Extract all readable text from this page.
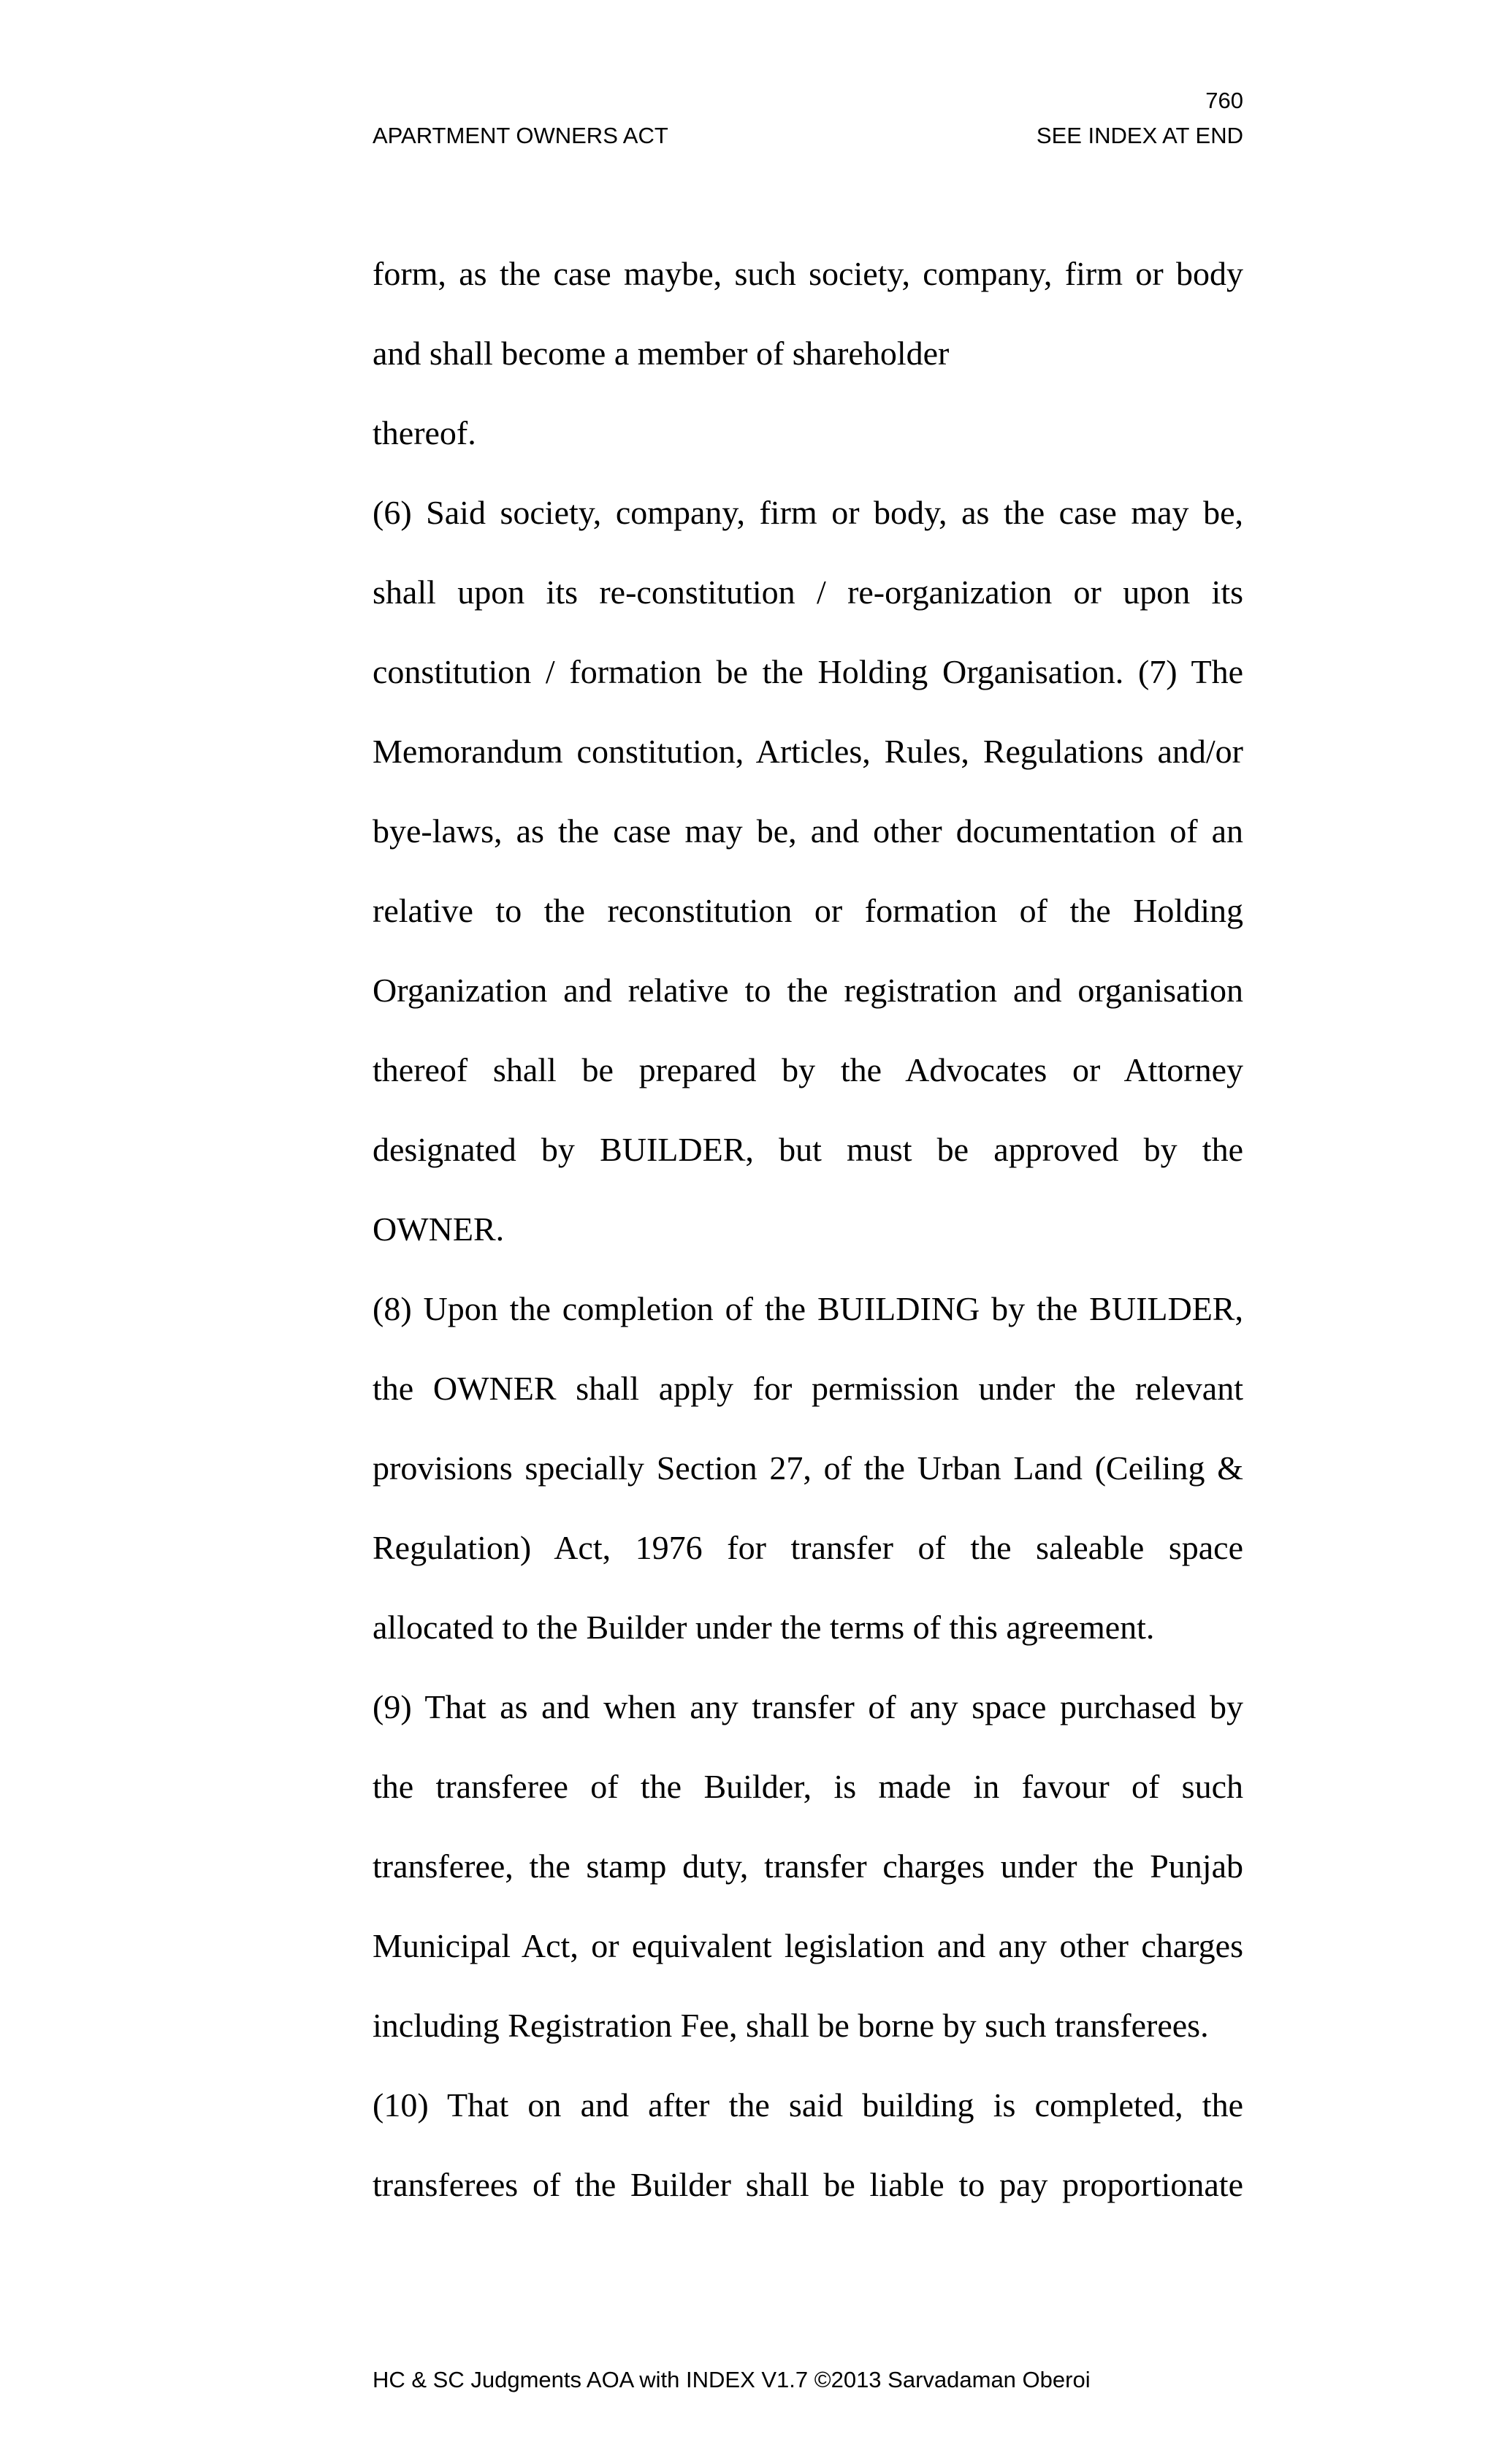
760
APARTMENT OWNERS ACT	SEE INDEX AT END
form, as the case maybe, such society, company, firm or body
and shall become a member of shareholder
thereof.
(6) Said society, company, firm or body, as the case may be,
shall upon its re-constitution / re-organization or upon its
constitution / formation be the Holding Organisation. (7) The
Memorandum constitution, Articles, Rules, Regulations and/or
bye-laws, as the case may be, and other documentation of an
relative to the reconstitution or formation of the Holding
Organization and relative to the registration and organisation
thereof shall be prepared by the Advocates or Attorney
designated by BUILDER, but must be approved by the
OWNER.
(8) Upon the completion of the BUILDING by the BUILDER,
the OWNER shall apply for permission under the relevant
provisions specially Section 27, of the Urban Land (Ceiling &
Regulation) Act, 1976 for transfer of the saleable space
allocated to the Builder under the terms of this agreement.
(9) That as and when any transfer of any space purchased by
the transferee of the Builder, is made in favour of such
transferee, the stamp duty, transfer charges under the Punjab
Municipal Act, or equivalent legislation and any other charges
including Registration Fee, shall be borne by such transferees.
(10) That on and after the said building is completed, the
transferees of the Builder shall be liable to pay proportionate
HC & SC Judgments AOA with INDEX V1.7 ©2013 Sarvadaman Oberoi
